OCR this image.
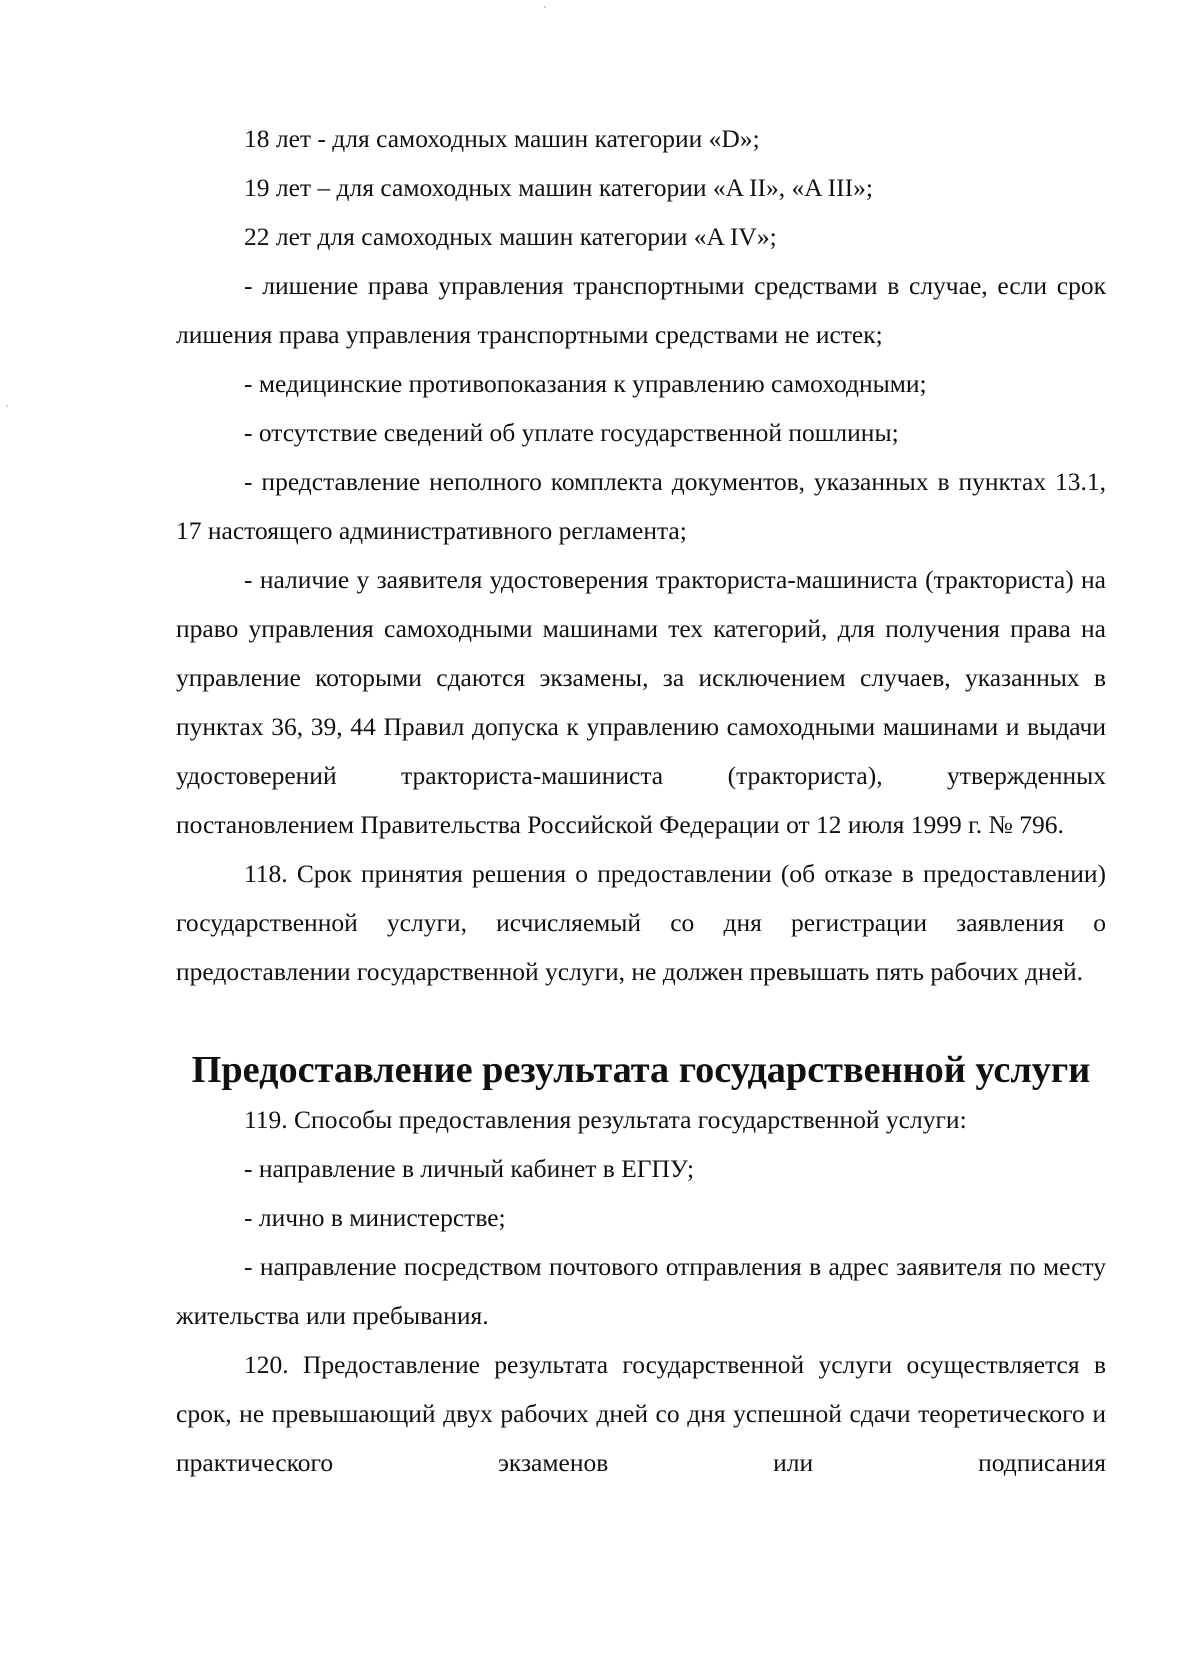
18 лет - для самоходных машин категории «D»;

19 лет – для самоходных машин категории «A II», «A III»;

22 лет для самоходных машин категории «A IV»;

- лишение права управления транспортными средствами в случае, если срок лишения права управления транспортными средствами не истек;

- медицинские противопоказания к управлению самоходными;

- отсутствие сведений об уплате государственной пошлины;

- представление неполного комплекта документов, указанных в пунктах 13.1, 17 настоящего административного регламента;

- наличие у заявителя удостоверения тракториста-машиниста (тракториста) на право управления самоходными машинами тех категорий, для получения права на управление которыми сдаются экзамены, за исключением случаев, указанных в пунктах 36, 39, 44 Правил допуска к управлению самоходными машинами и выдачи удостоверений тракториста-машиниста (тракториста), утвержденных постановлением Правительства Российской Федерации от 12 июля 1999 г. № 796.

118. Срок принятия решения о предоставлении (об отказе в предоставлении) государственной услуги, исчисляемый со дня регистрации заявления о предоставлении государственной услуги, не должен превышать пять рабочих дней.

Предоставление результата государственной услуги

119. Способы предоставления результата государственной услуги:

- направление в личный кабинет в ЕГПУ;

- лично в министерстве;

- направление посредством почтового отправления в адрес заявителя по месту жительства или пребывания.

120. Предоставление результата государственной услуги осуществляется в срок, не превышающий двух рабочих дней со дня успешной сдачи теоретического и практического экзаменов или подписания
